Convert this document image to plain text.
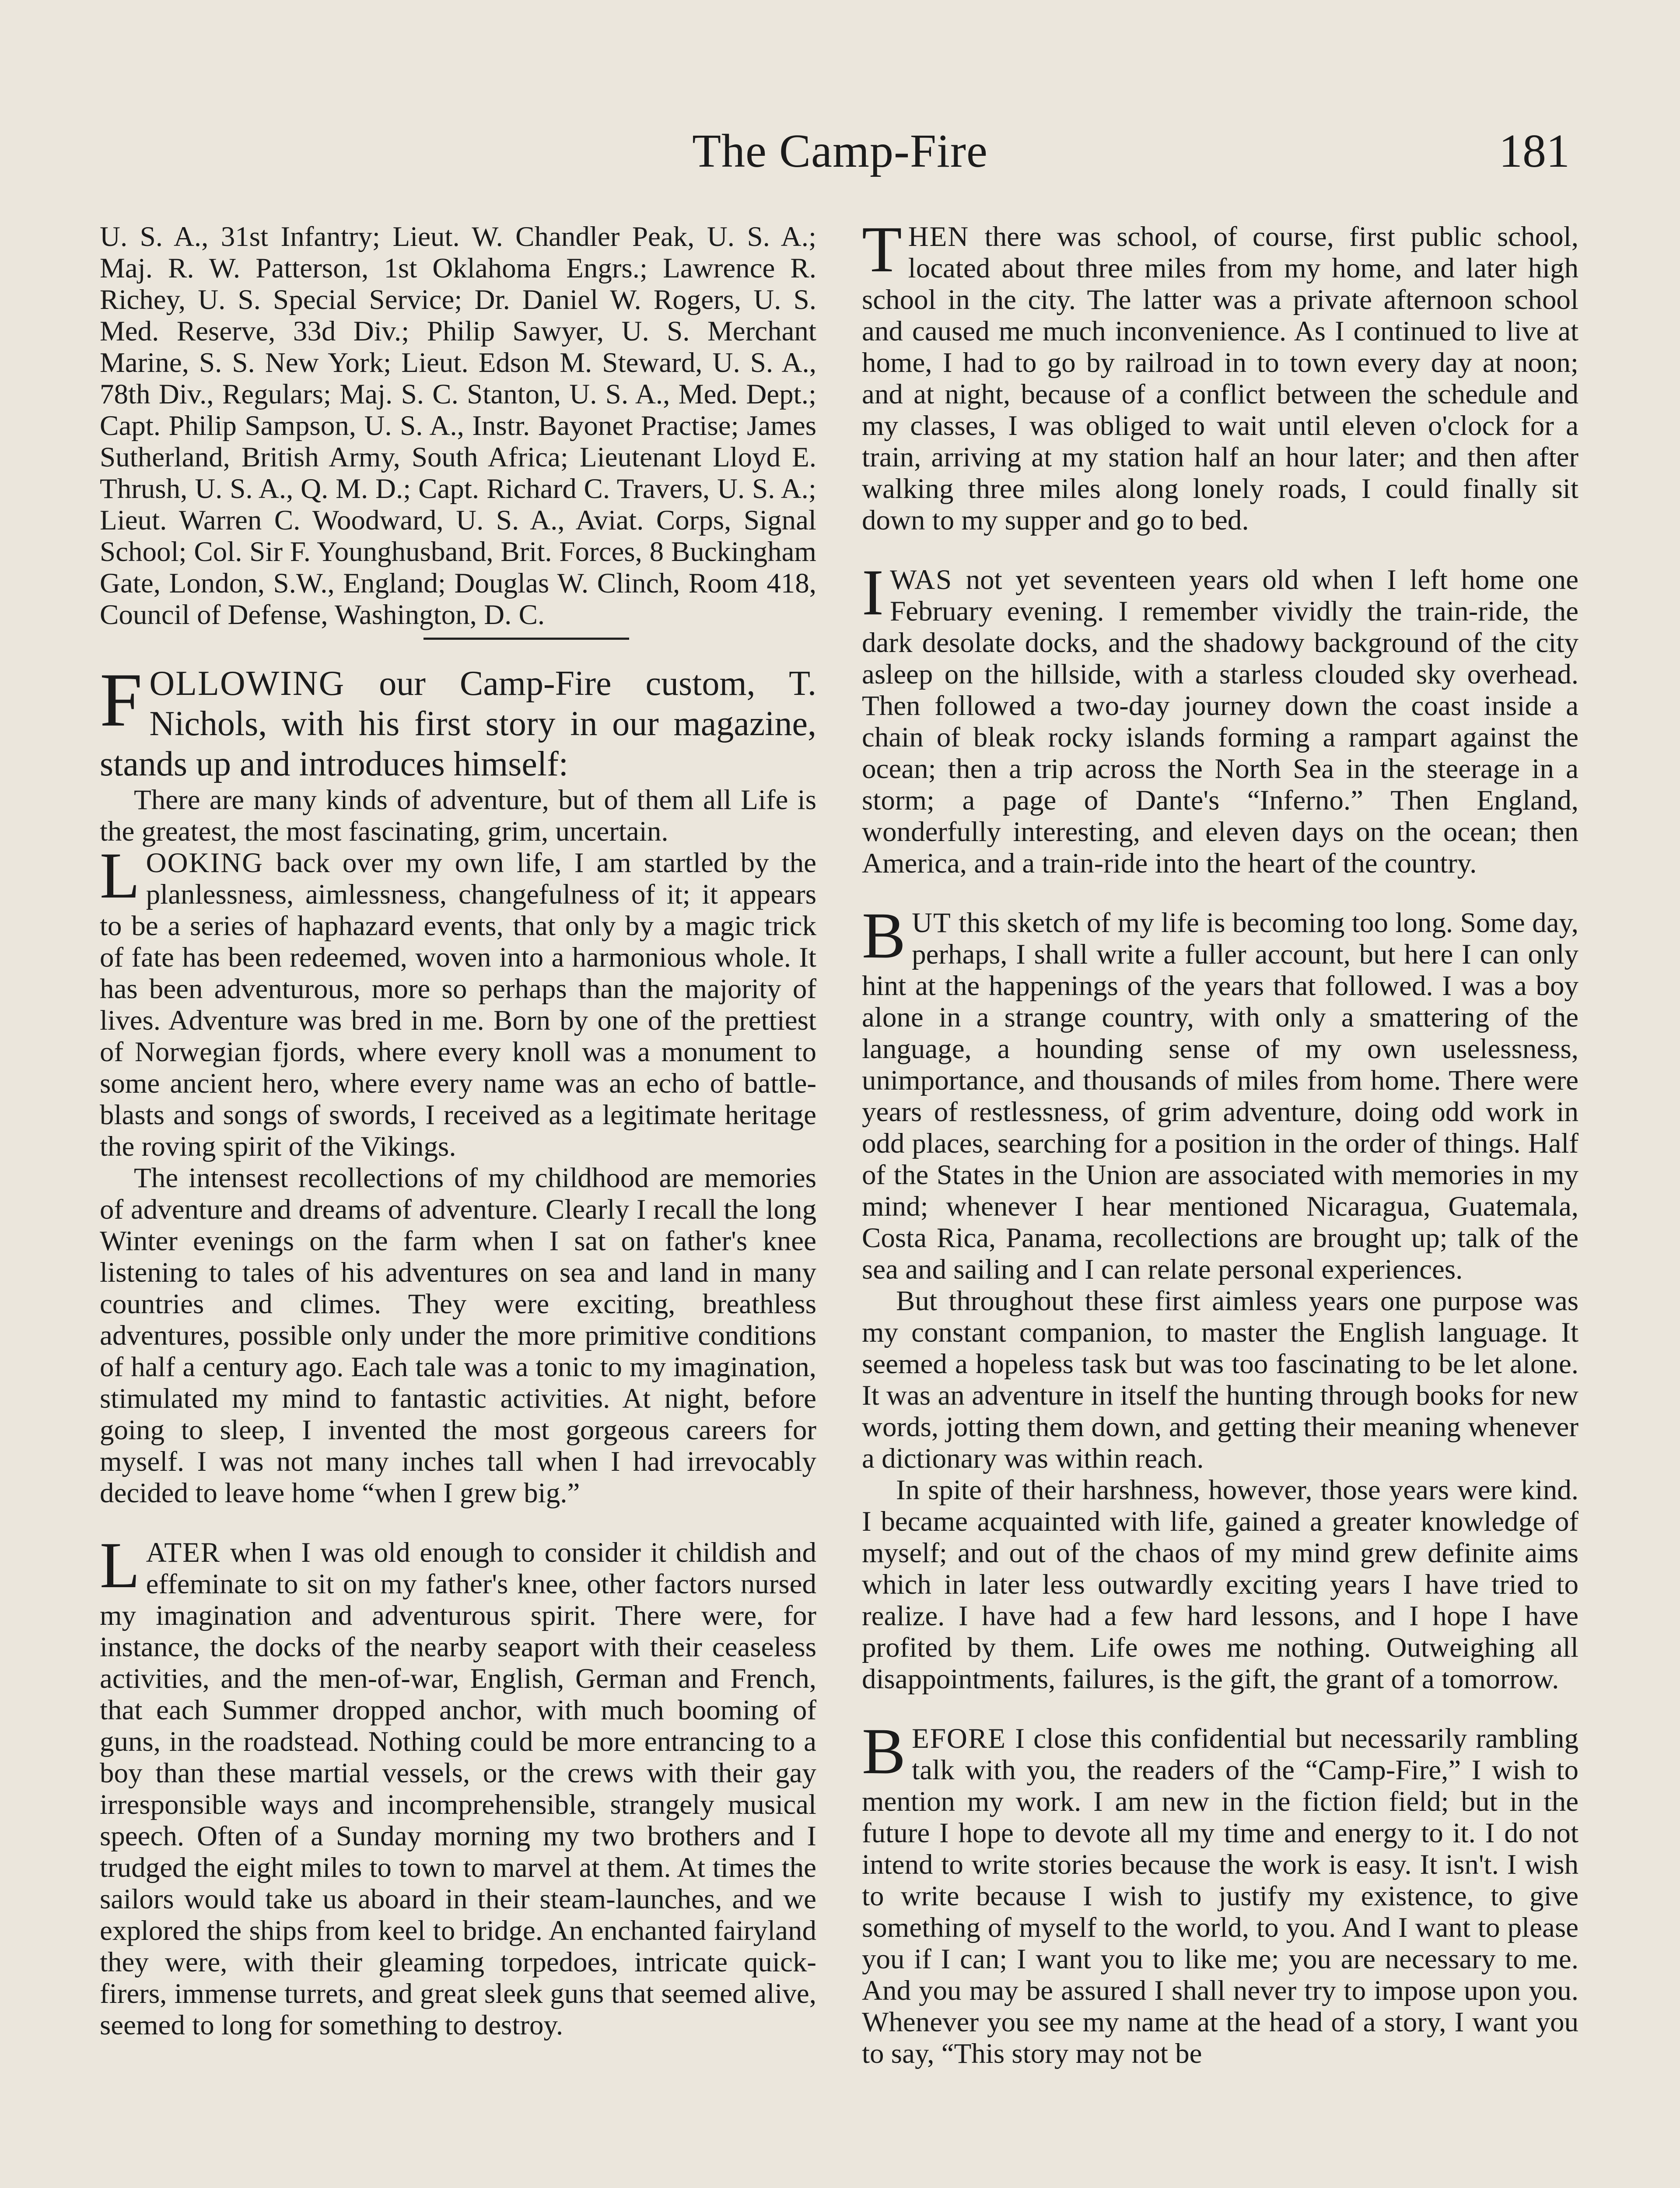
The Camp-Fire	181

U. S. A., 31st Infantry; Lieut. W. Chandler Peak, U. S. A.; Maj. R. W. Patterson, 1st Oklahoma Engrs.; Lawrence R. Richey, U. S. Special Service; Dr. Daniel W. Rogers, U. S. Med. Reserve, 33d Div.; Philip Sawyer, U. S. Merchant Marine, S. S. New York; Lieut. Edson M. Steward, U. S. A., 78th Div., Regulars; Maj. S. C. Stanton, U. S. A., Med. Dept.; Capt. Philip Sampson, U. S. A., Instr. Bayonet Practise; James Sutherland, British Army, South Africa; Lieutenant Lloyd E. Thrush, U. S. A., Q. M. D.; Capt. Richard C. Travers, U. S. A.; Lieut. Warren C. Woodward, U. S. A., Aviat. Corps, Signal School; Col. Sir F. Younghusband, Brit. Forces, 8 Buckingham Gate, London, S.W., England; Douglas W. Clinch, Room 418, Council of Defense, Washington, D. C.

FOLLOWING our Camp-Fire custom, T. Nichols, with his first story in our magazine, stands up and introduces himself:

There are many kinds of adventure, but of them all Life is the greatest, the most fascinating, grim, uncertain.

LOOKING back over my own life, I am startled by the planlessness, aimlessness, changefulness of it; it appears to be a series of haphazard events, that only by a magic trick of fate has been redeemed, woven into a harmonious whole. It has been adventurous, more so perhaps than the majority of lives. Adventure was bred in me. Born by one of the prettiest of Norwegian fjords, where every knoll was a monument to some ancient hero, where every name was an echo of battle-blasts and songs of swords, I received as a legitimate heritage the roving spirit of the Vikings.

The intensest recollections of my childhood are memories of adventure and dreams of adventure. Clearly I recall the long Winter evenings on the farm when I sat on father's knee listening to tales of his adventures on sea and land in many countries and climes. They were exciting, breathless adventures, possible only under the more primitive conditions of half a century ago. Each tale was a tonic to my imagination, stimulated my mind to fantastic activities. At night, before going to sleep, I invented the most gorgeous careers for myself. I was not many inches tall when I had irrevocably decided to leave home “when I grew big.”

LATER when I was old enough to consider it childish and effeminate to sit on my father's knee, other factors nursed my imagination and adventurous spirit. There were, for instance, the docks of the nearby seaport with their ceaseless activities, and the men-of-war, English, German and French, that each Summer dropped anchor, with much booming of guns, in the roadstead. Nothing could be more entrancing to a boy than these martial vessels, or the crews with their gay irresponsible ways and incomprehensible, strangely musical speech. Often of a Sunday morning my two brothers and I trudged the eight miles to town to marvel at them. At times the sailors would take us aboard in their steam-launches, and we explored the ships from keel to bridge. An enchanted fairyland they were, with their gleaming torpedoes, intricate quick-firers, immense turrets, and great sleek guns that seemed alive, seemed to long for something to destroy.

THEN there was school, of course, first public school, located about three miles from my home, and later high school in the city. The latter was a private afternoon school and caused me much inconvenience. As I continued to live at home, I had to go by railroad in to town every day at noon; and at night, because of a conflict between the schedule and my classes, I was obliged to wait until eleven o'clock for a train, arriving at my station half an hour later; and then after walking three miles along lonely roads, I could finally sit down to my supper and go to bed.

IWAS not yet seventeen years old when I left home one February evening. I remember vividly the train-ride, the dark desolate docks, and the shadowy background of the city asleep on the hillside, with a starless clouded sky overhead. Then followed a two-day journey down the coast inside a chain of bleak rocky islands forming a rampart against the ocean; then a trip across the North Sea in the steerage in a storm; a page of Dante's “Inferno.” Then England, wonderfully interesting, and eleven days on the ocean; then America, and a train-ride into the heart of the country.

BUT this sketch of my life is becoming too long. Some day, perhaps, I shall write a fuller account, but here I can only hint at the happenings of the years that followed. I was a boy alone in a strange country, with only a smattering of the language, a hounding sense of my own uselessness, unimportance, and thousands of miles from home. There were years of restlessness, of grim adventure, doing odd work in odd places, searching for a position in the order of things. Half of the States in the Union are associated with memories in my mind; whenever I hear mentioned Nicaragua, Guatemala, Costa Rica, Panama, recollections are brought up; talk of the sea and sailing and I can relate personal experiences.

But throughout these first aimless years one purpose was my constant companion, to master the English language. It seemed a hopeless task but was too fascinating to be let alone. It was an adventure in itself the hunting through books for new words, jotting them down, and getting their meaning whenever a dictionary was within reach.

In spite of their harshness, however, those years were kind. I became acquainted with life, gained a greater knowledge of myself; and out of the chaos of my mind grew definite aims which in later less outwardly exciting years I have tried to realize. I have had a few hard lessons, and I hope I have profited by them. Life owes me nothing. Outweighing all disappointments, failures, is the gift, the grant of a tomorrow.

BEFORE I close this confidential but necessarily rambling talk with you, the readers of the “Camp-Fire,” I wish to mention my work. I am new in the fiction field; but in the future I hope to devote all my time and energy to it. I do not intend to write stories because the work is easy. It isn't. I wish to write because I wish to justify my existence, to give something of myself to the world, to you. And I want to please you if I can; I want you to like me; you are necessary to me. And you may be assured I shall never try to impose upon you. Whenever you see my name at the head of a story, I want you to say, “This story may not be
